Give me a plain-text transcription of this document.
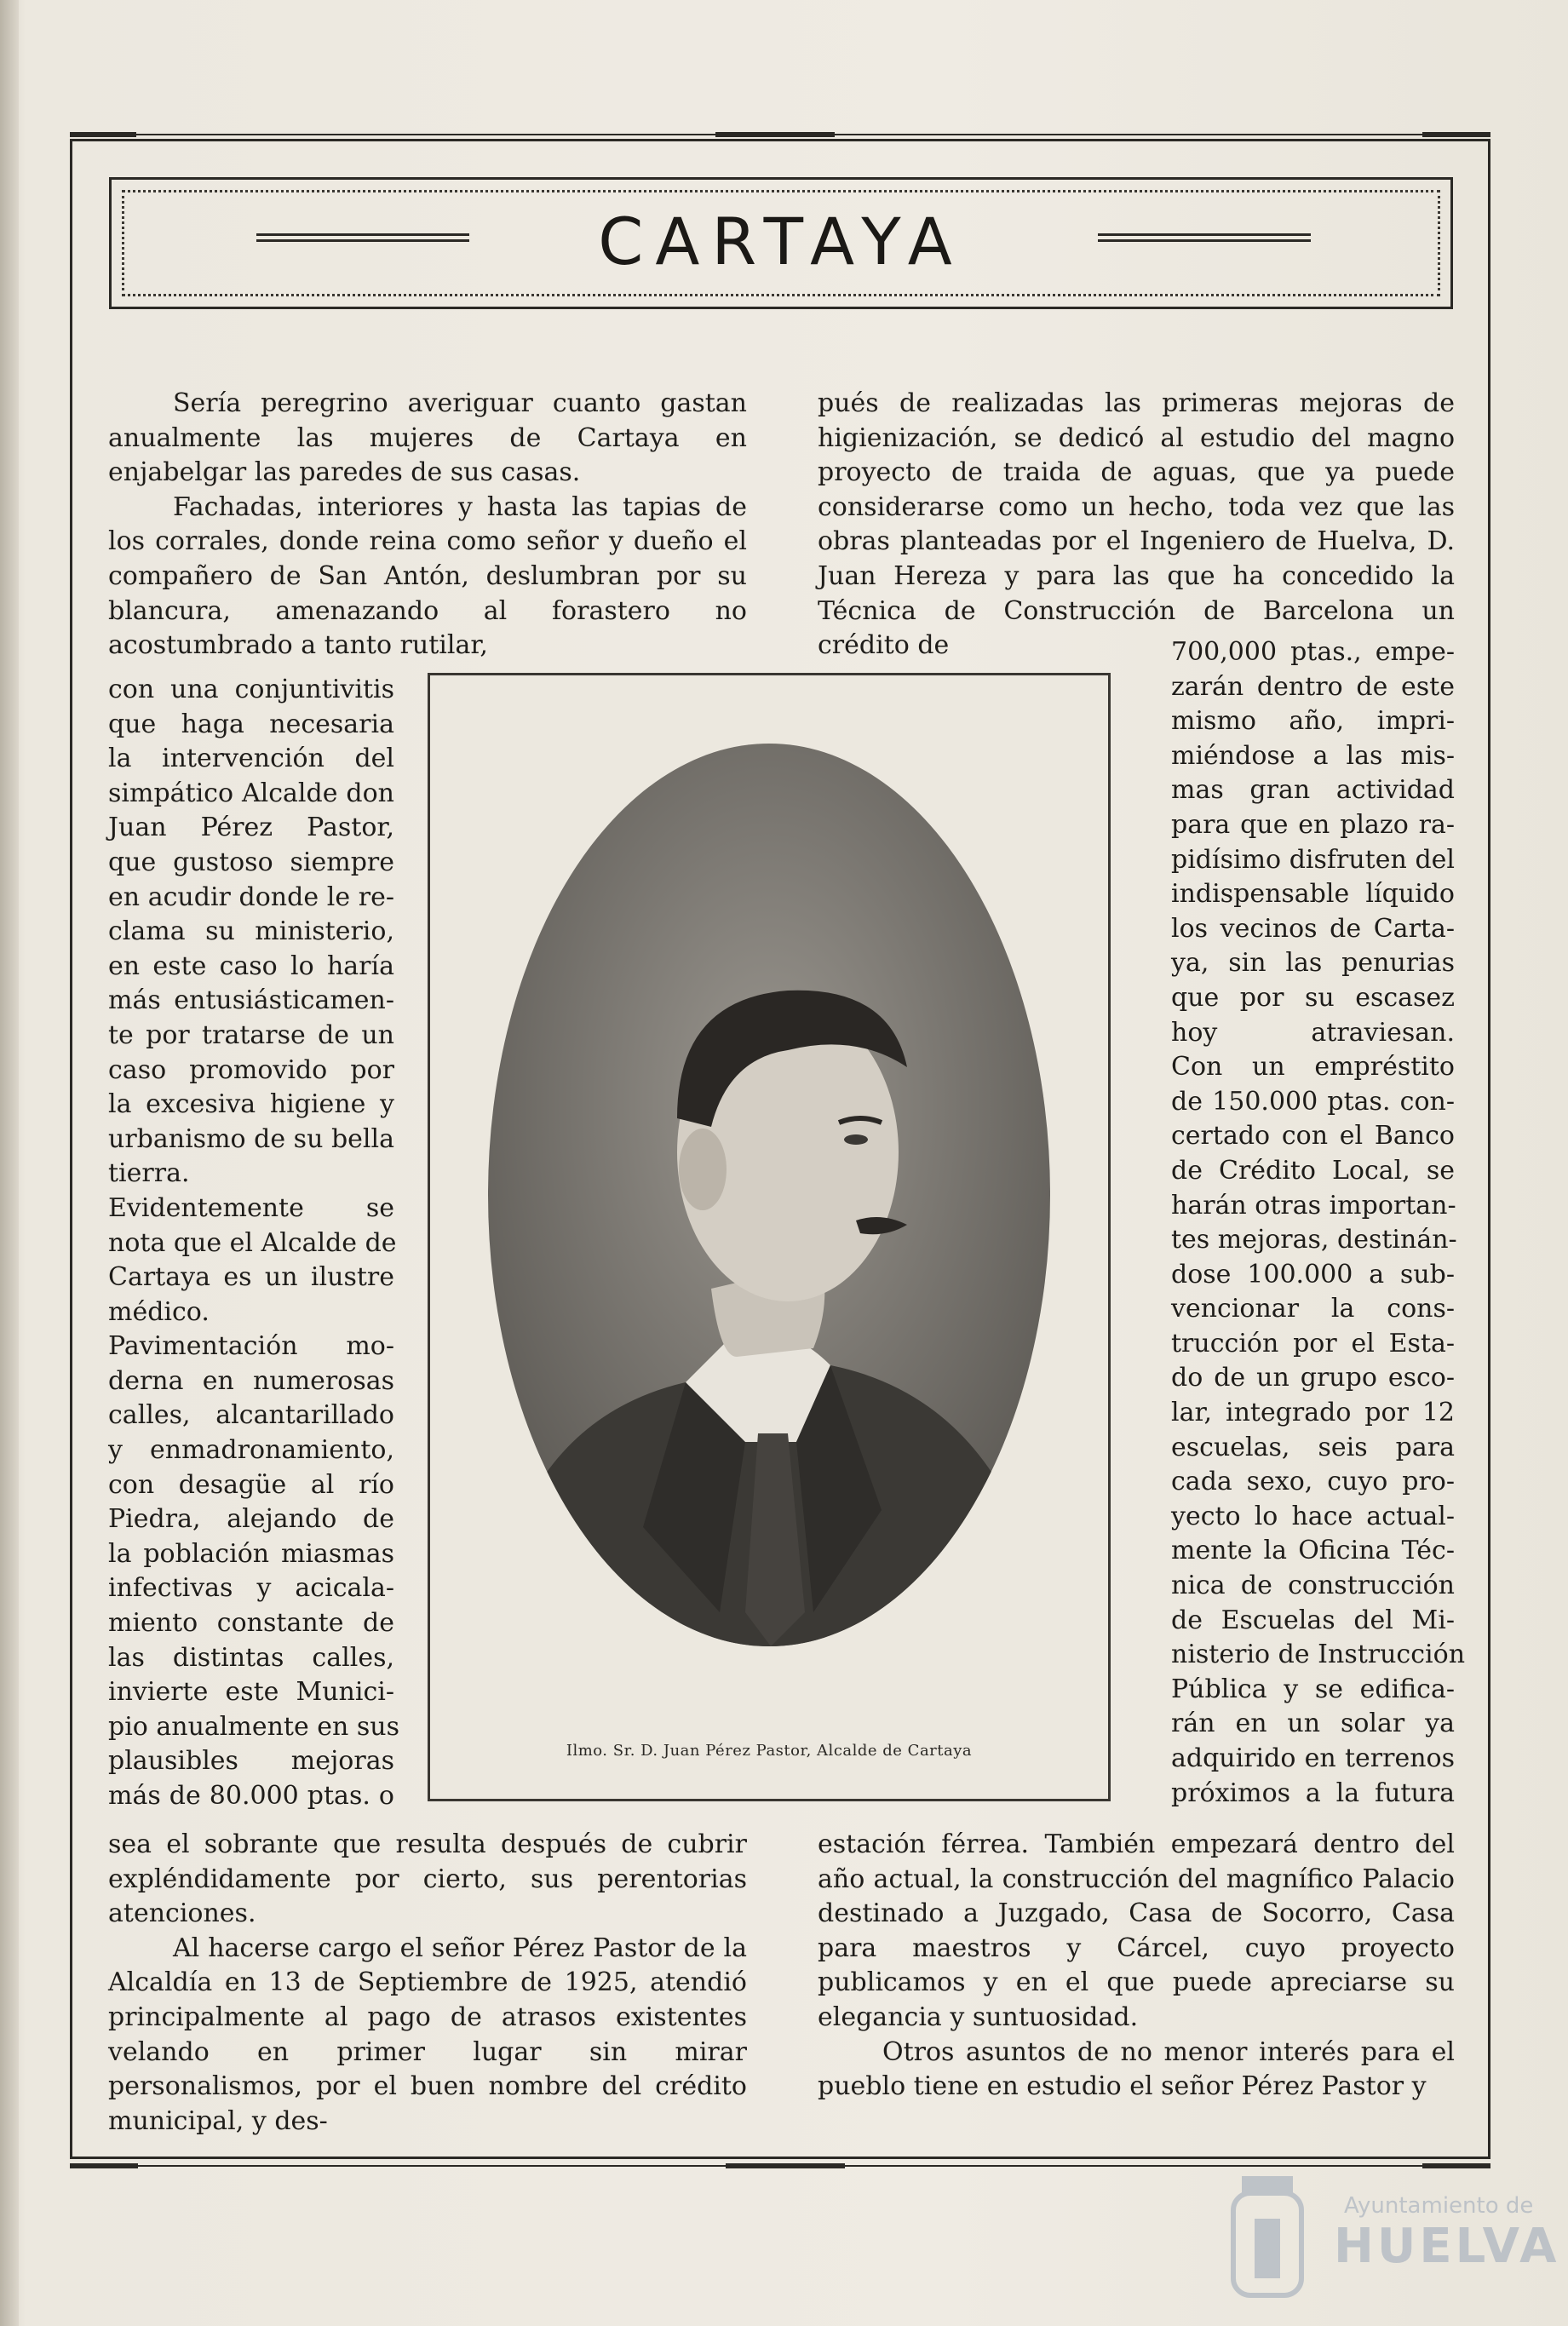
CARTAYA

Sería peregrino averiguar cuanto gastan anualmente las mujeres de Cartaya en enjabelgar las paredes de sus casas.

Fachadas, interiores y hasta las tapias de los corrales, donde reina como señor y dueño el compañero de San Antón, deslumbran por su blancura, amenazando al forastero no acostumbrado a tanto rutilar,

con una conjuntivitis
que haga necesaria
la intervención del
simpático Alcalde don
Juan Pérez Pastor,
que gustoso siempre
en acudir donde le re-
clama su ministerio,
en este caso lo haría
más entusiásticamen-
te por tratarse de un
caso promovido por
la excesiva higiene y
urbanismo de su bella
tierra.
Evidentemente se
nota que el Alcalde de
Cartaya es un ilustre
médico.
Pavimentación mo-
derna en numerosas
calles, alcantarillado
y enmadronamiento,
con desagüe al río
Piedra, alejando de
la población miasmas
infectivas y acicala-
miento constante de
las distintas calles,
invierte este Munici-
pio anualmente en sus
plausibles mejoras
más de 80.000 ptas. o

sea el sobrante que resulta después de cubrir expléndidamente por cierto, sus perentorias atenciones.

Al hacerse cargo el señor Pérez Pastor de la Alcaldía en 13 de Septiembre de 1925, atendió principalmente al pago de atrasos existentes velando en primer lugar sin mirar personalismos, por el buen nombre del crédito municipal, y des-

pués de realizadas las primeras mejoras de higienización, se dedicó al estudio del magno proyecto de traida de aguas, que ya puede considerarse como un hecho, toda vez que las obras planteadas por el Ingeniero de Huelva, D. Juan Hereza y para las que ha concedido la Técnica de Construcción de Barcelona un crédito de	700,000 ptas., empe-
zarán dentro de este
mismo año, impri-
miéndose a las mis-
mas gran actividad
para que en plazo ra-
pidísimo disfruten del
indispensable líquido
los vecinos de Carta-
ya, sin las penurias
que por su escasez
hoy atraviesan.
Con un empréstito
de 150.000 ptas. con-
certado con el Banco
de Crédito Local, se
harán otras importan-
tes mejoras, destinán-
dose 100.000 a sub-
vencionar la cons-
trucción por el Esta-
do de un grupo esco-
lar, integrado por 12
escuelas, seis para
cada sexo, cuyo pro-
yecto lo hace actual-
mente la Oficina Téc-
nica de construcción
de Escuelas del Mi-
nisterio de Instrucción
Pública y se edifica-
rán en un solar ya
adquirido en terrenos
próximos a la futura

estación férrea. También empezará dentro del año actual, la construcción del magnífico Palacio destinado a Juzgado, Casa de Socorro, Casa para maestros y Cárcel, cuyo proyecto publicamos y en el que puede apreciarse su elegancia y suntuosidad.

Otros asuntos de no menor interés para el pueblo tiene en estudio el señor Pérez Pastor y

Ilmo. Sr. D. Juan Pérez Pastor, Alcalde de Cartaya
Ayuntamiento de
HUELVA
